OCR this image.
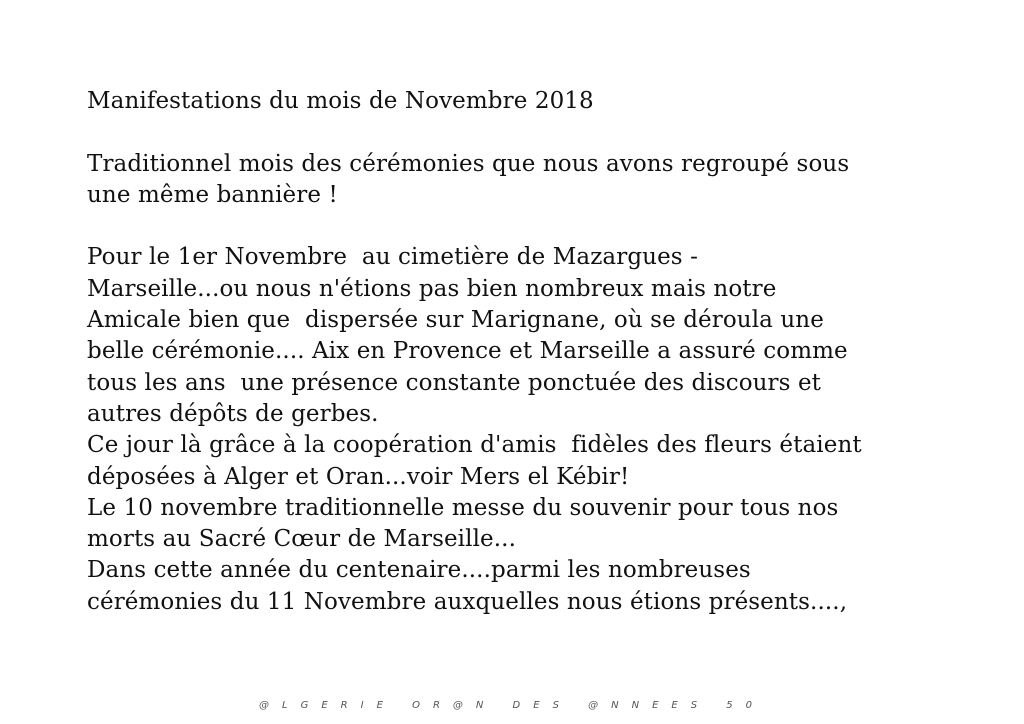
Manifestations du mois de Novembre 2018
Traditionnel mois des cérémonies que nous avons regroupé sous
une même bannière !
Pour le 1er Novembre  au cimetière de Mazargues -
Marseille...ou nous n'étions pas bien nombreux mais notre
Amicale bien que  dispersée sur Marignane, où se déroula une
belle cérémonie.... Aix en Provence et Marseille a assuré comme
tous les ans  une présence constante ponctuée des discours et
autres dépôts de gerbes.
Ce jour là grâce à la coopération d'amis  fidèles des fleurs étaient
déposées à Alger et Oran...voir Mers el Kébir!
Le 10 novembre traditionnelle messe du souvenir pour tous nos
morts au Sacré Cœur de Marseille...
Dans cette année du centenaire....parmi les nombreuses
cérémonies du 11 Novembre auxquelles nous étions présents....,
@LGERIE OR@N DES @NNEES 50
